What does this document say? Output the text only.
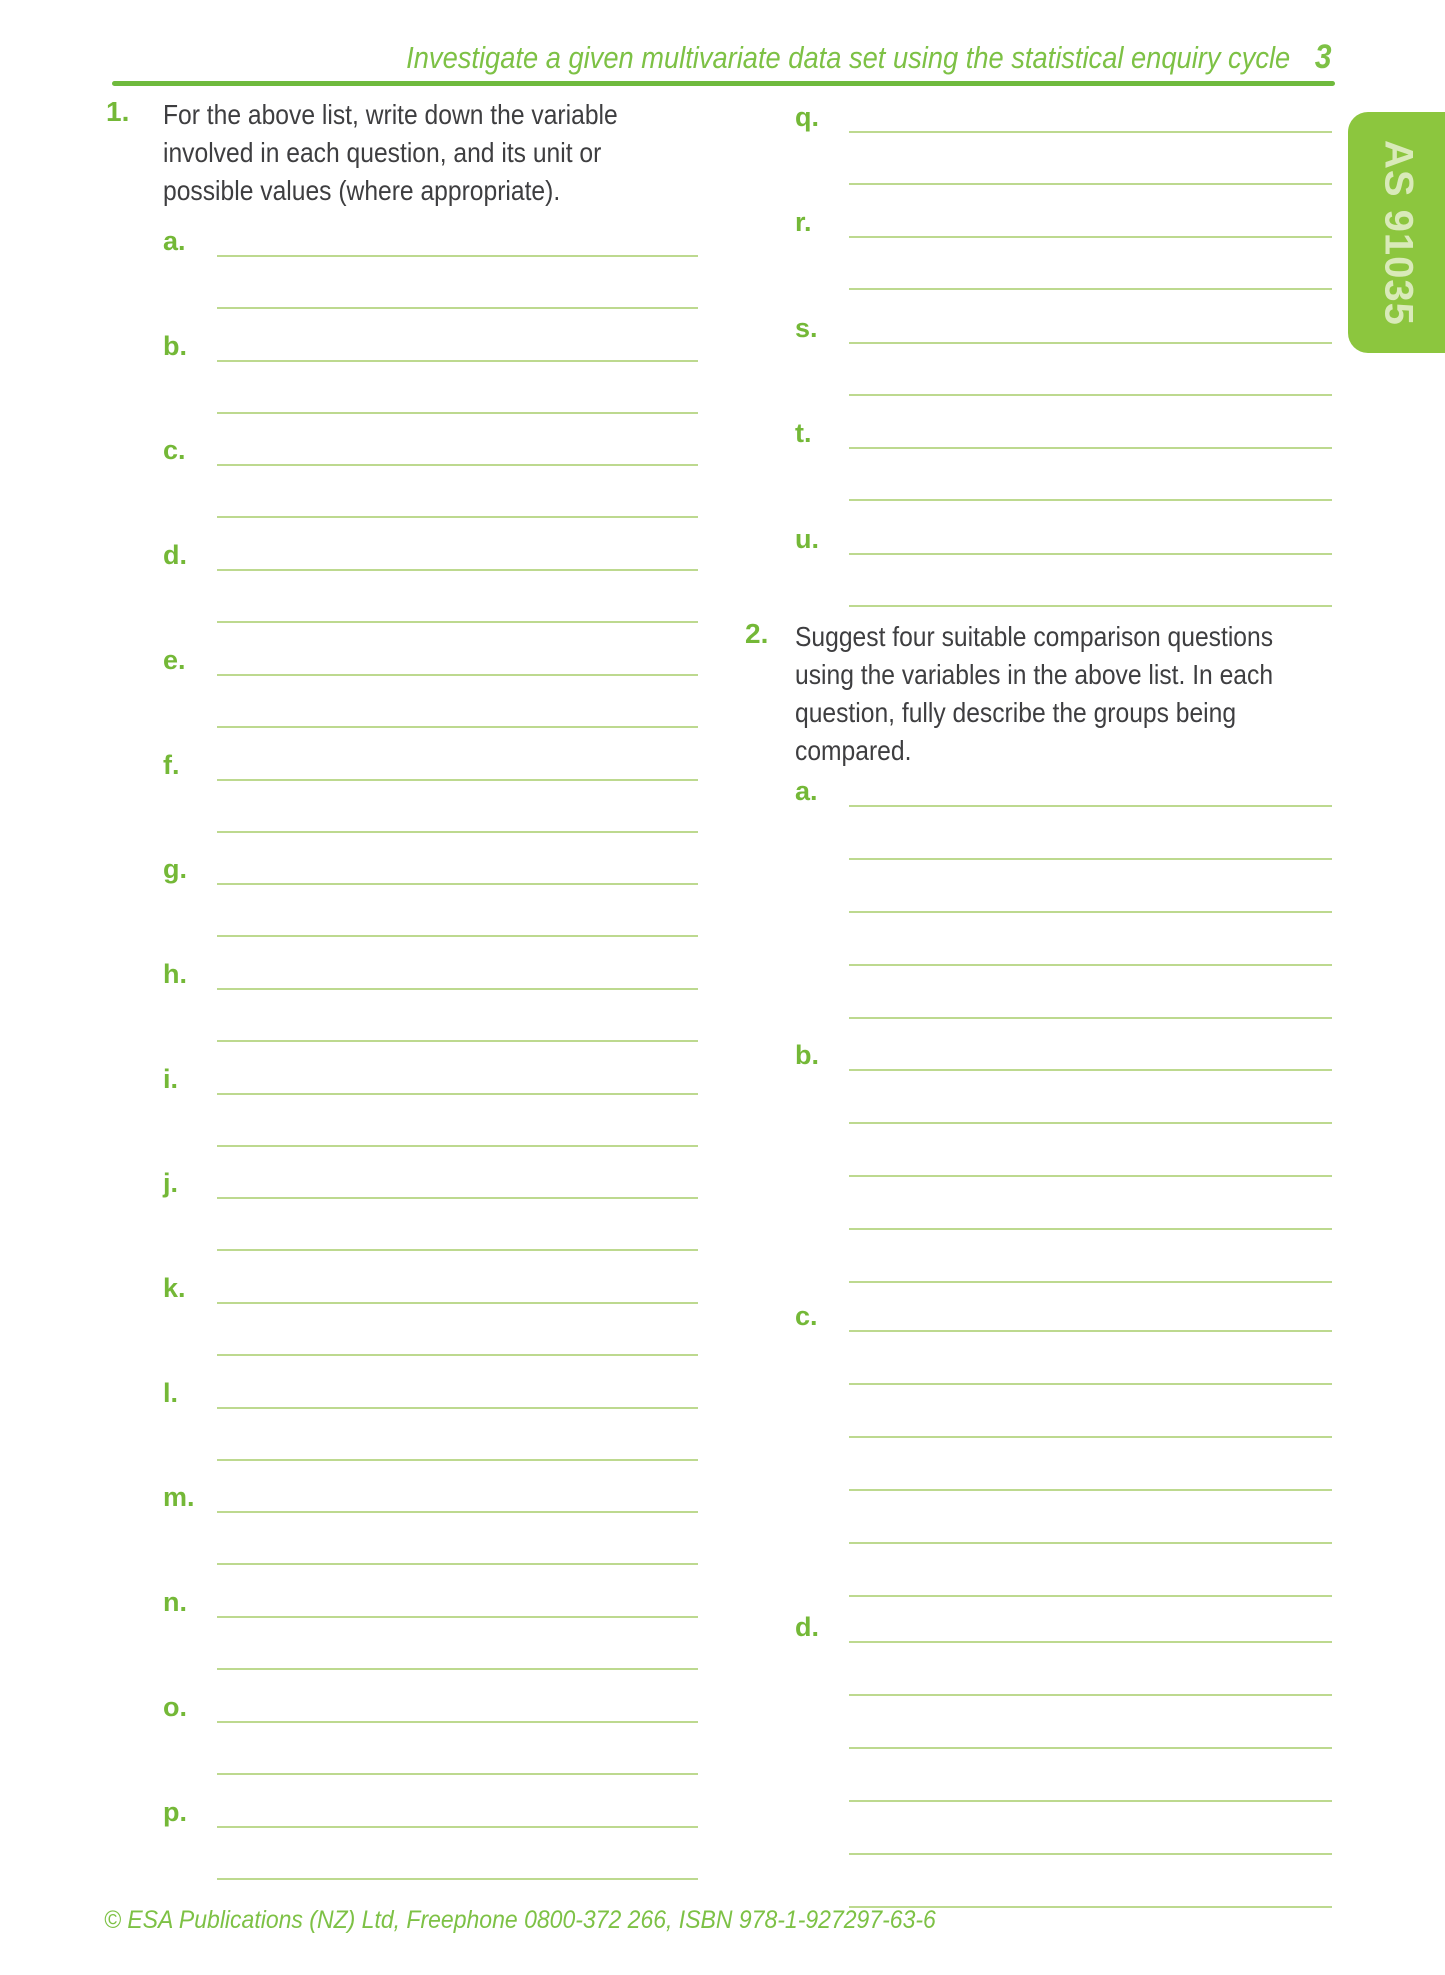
Investigate a given multivariate data set using the statistical enquiry cycle 3
AS 91035
1. For the above list, write down the variable
involved in each question, and its unit or
possible values (where appropriate).
2. Suggest four suitable comparison questions
using the variables in the above list. In each
question, fully describe the groups being
compared.
a.
b.
c.
d.
e.
f.
g.
h.
i.
j.
k.
l.
m.
n.
o.
p.
q.
r.
s.
t.
u.
a.
b.
c.
d.
© ESA Publications (NZ) Ltd, Freephone 0800-372 266, ISBN 978-1-927297-63-6
